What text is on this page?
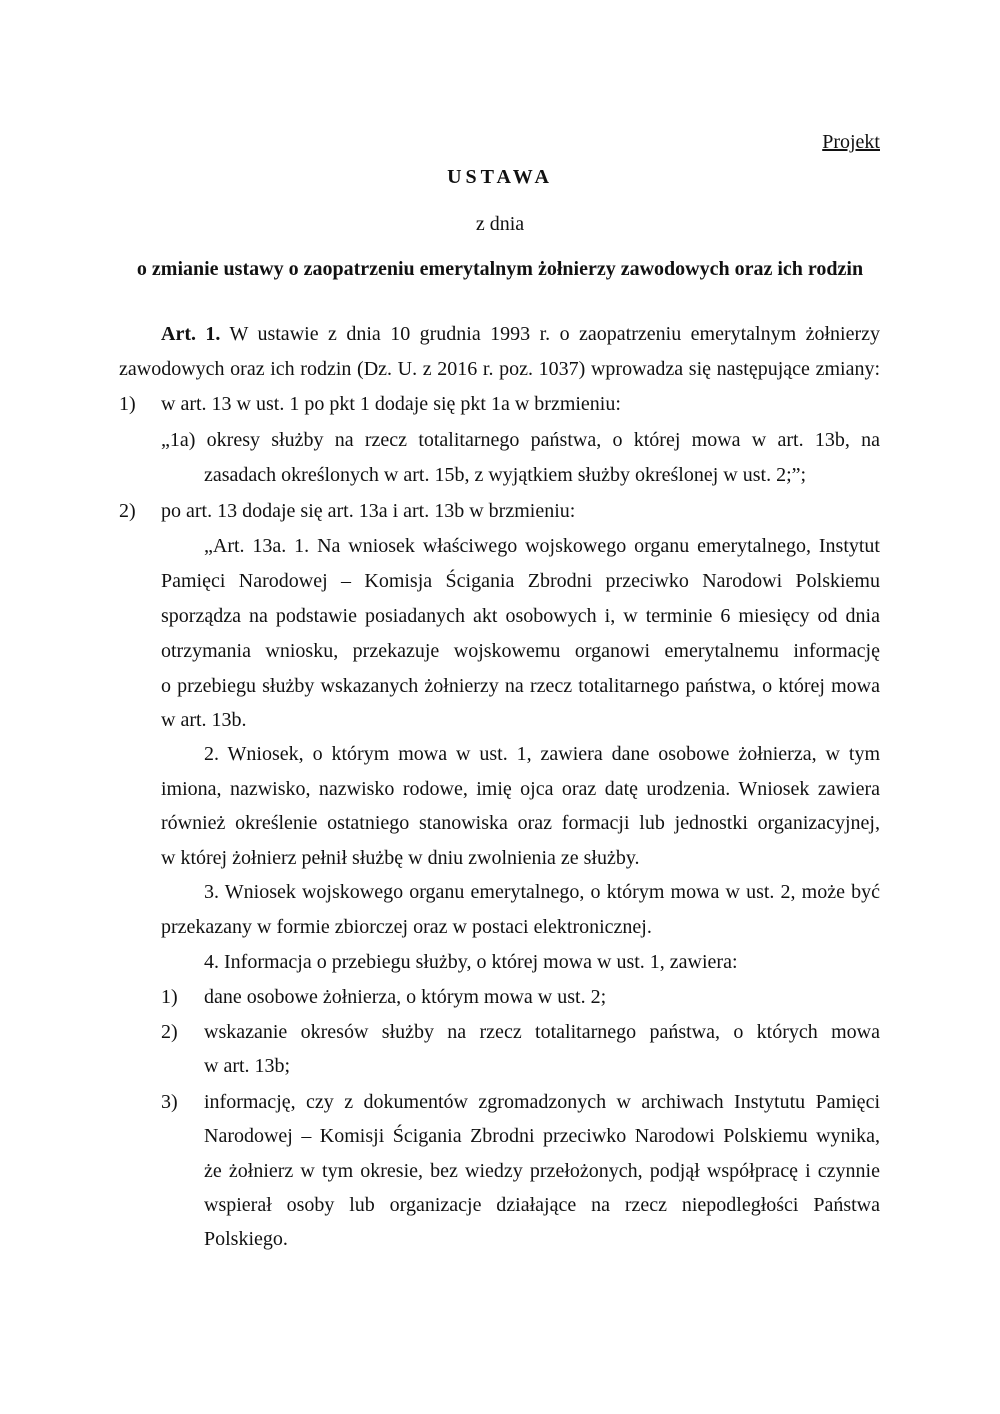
Projekt
USTAWA
z dnia
o zmianie ustawy o zaopatrzeniu emerytalnym żołnierzy zawodowych oraz ich rodzin
Art. 1. W ustawie z dnia 10 grudnia 1993 r. o zaopatrzeniu emerytalnym żołnierzy
zawodowych oraz ich rodzin (Dz. U. z 2016 r. poz. 1037) wprowadza się następujące zmiany:
1) w art. 13 w ust. 1 po pkt 1 dodaje się pkt 1a w brzmieniu:
„1a) okresy służby na rzecz totalitarnego państwa, o której mowa w art. 13b, na
zasadach określonych w art. 15b, z wyjątkiem służby określonej w ust. 2;”;
2) po art. 13 dodaje się art. 13a i art. 13b w brzmieniu:
„Art. 13a. 1. Na wniosek właściwego wojskowego organu emerytalnego, Instytut
Pamięci Narodowej – Komisja Ścigania Zbrodni przeciwko Narodowi Polskiemu
sporządza na podstawie posiadanych akt osobowych i, w terminie 6 miesięcy od dnia
otrzymania wniosku, przekazuje wojskowemu organowi emerytalnemu informację
o przebiegu służby wskazanych żołnierzy na rzecz totalitarnego państwa, o której mowa
w art. 13b.
2. Wniosek, o którym mowa w ust. 1, zawiera dane osobowe żołnierza, w tym
imiona, nazwisko, nazwisko rodowe, imię ojca oraz datę urodzenia. Wniosek zawiera
również określenie ostatniego stanowiska oraz formacji lub jednostki organizacyjnej,
w której żołnierz pełnił służbę w dniu zwolnienia ze służby.
3. Wniosek wojskowego organu emerytalnego, o którym mowa w ust. 2, może być
przekazany w formie zbiorczej oraz w postaci elektronicznej.
4. Informacja o przebiegu służby, o której mowa w ust. 1, zawiera:
1) dane osobowe żołnierza, o którym mowa w ust. 2;
2) wskazanie okresów służby na rzecz totalitarnego państwa, o których mowa
w art. 13b;
3) informację, czy z dokumentów zgromadzonych w archiwach Instytutu Pamięci
Narodowej – Komisji Ścigania Zbrodni przeciwko Narodowi Polskiemu wynika,
że żołnierz w tym okresie, bez wiedzy przełożonych, podjął współpracę i czynnie
wspierał osoby lub organizacje działające na rzecz niepodległości Państwa
Polskiego.
